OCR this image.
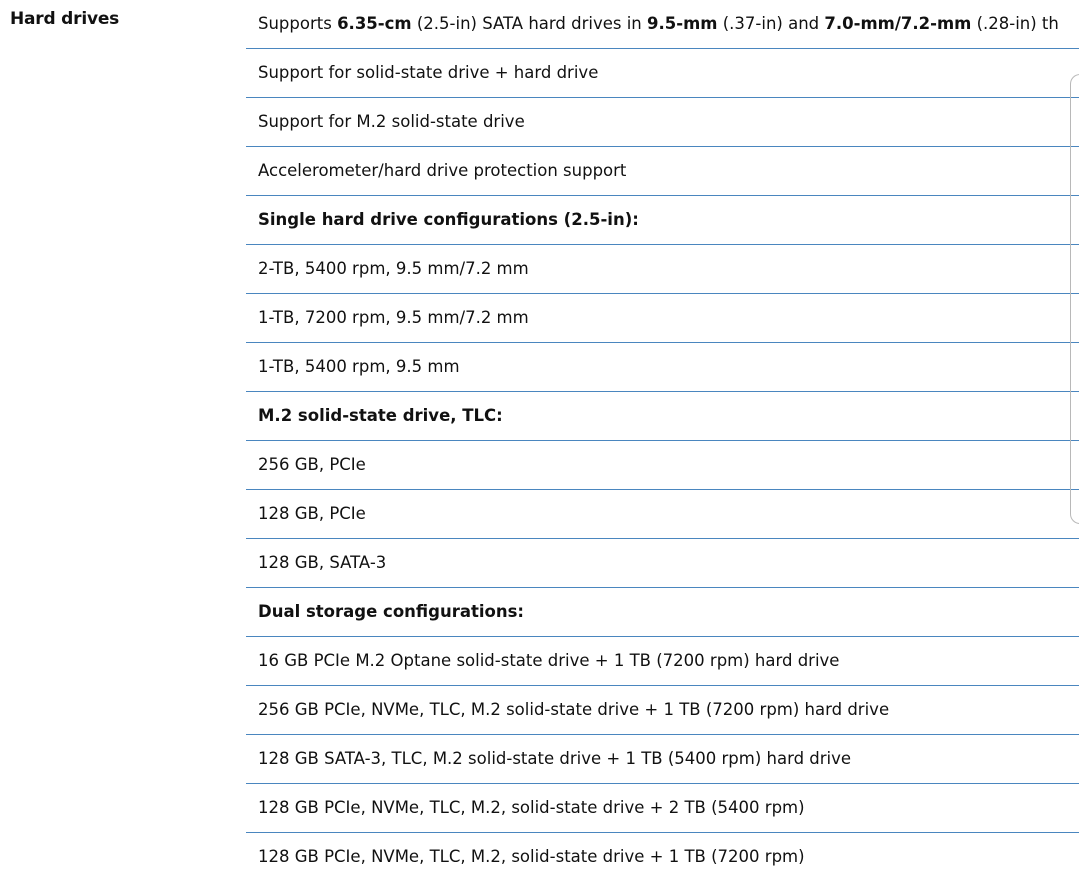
Hard drives	Supports 6.35-cm (2.5-in) SATA hard drives in 9.5-mm (.37-in) and 7.0-mm/7.2-mm (.28-in) th
Support for solid-state drive + hard drive
Support for M.2 solid-state drive
Accelerometer/hard drive protection support
Single hard drive configurations (2.5-in):
2-TB, 5400 rpm, 9.5 mm/7.2 mm
1-TB, 7200 rpm, 9.5 mm/7.2 mm
1-TB, 5400 rpm, 9.5 mm
M.2 solid-state drive, TLC:
256 GB, PCIe
128 GB, PCIe
128 GB, SATA-3
Dual storage configurations:
16 GB PCIe M.2 Optane solid-state drive + 1 TB (7200 rpm) hard drive
256 GB PCIe, NVMe, TLC, M.2 solid-state drive + 1 TB (7200 rpm) hard drive
128 GB SATA-3, TLC, M.2 solid-state drive + 1 TB (5400 rpm) hard drive
128 GB PCIe, NVMe, TLC, M.2, solid-state drive + 2 TB (5400 rpm)
128 GB PCIe, NVMe, TLC, M.2, solid-state drive + 1 TB (7200 rpm)
